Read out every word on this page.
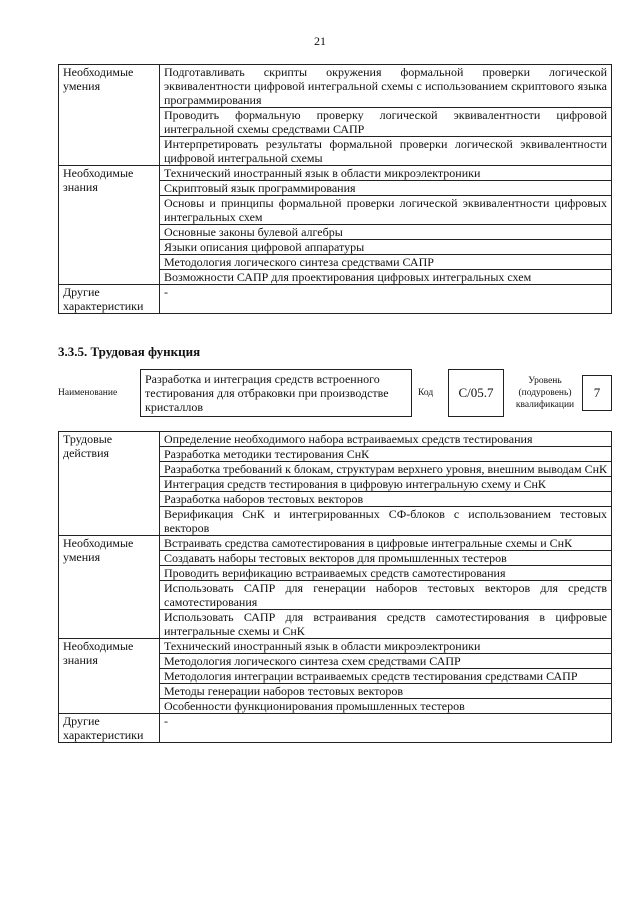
21
Необходимые умения	Подготавливать скрипты окружения формальной проверки логической эквивалентности цифровой интегральной схемы с использованием скриптового языка программирования
	Проводить формальную проверку логической эквивалентности цифровой интегральной схемы средствами САПР
	Интерпретировать результаты формальной проверки логической эквивалентности цифровой интегральной схемы
Необходимые знания	Технический иностранный язык в области микроэлектроники
	Скриптовый язык программирования
	Основы и принципы формальной проверки логической эквивалентности цифровых интегральных схем
	Основные законы булевой алгебры
	Языки описания цифровой аппаратуры
	Методология логического синтеза средствами САПР
	Возможности САПР для проектирования цифровых интегральных схем
Другие характеристики	-
3.3.5. Трудовая функция
Наименование
Разработка и интеграция средств встроенного тестирования для отбраковки при производстве кристаллов
Код	C/05.7
Уровень (подуровень) квалификации
7
Трудовые действия	Определение необходимого набора встраиваемых средств тестирования
	Разработка методики тестирования СнК
	Разработка требований к блокам, структурам верхнего уровня, внешним выводам СнК
	Интеграция средств тестирования в цифровую интегральную схему и СнК
	Разработка наборов тестовых векторов
	Верификация СнК и интегрированных СФ-блоков с использованием тестовых векторов
Необходимые умения	Встраивать средства самотестирования в цифровые интегральные схемы и СнК
	Создавать наборы тестовых векторов для промышленных тестеров
	Проводить верификацию встраиваемых средств самотестирования
	Использовать САПР для генерации наборов тестовых векторов для средств самотестирования
	Использовать САПР для встраивания средств самотестирования в цифровые интегральные схемы и СнК
Необходимые знания	Технический иностранный язык в области микроэлектроники
	Методология логического синтеза схем средствами САПР
	Методология интеграции встраиваемых средств тестирования средствами САПР
	Методы генерации наборов тестовых векторов
	Особенности функционирования промышленных тестеров
Другие характеристики	-
